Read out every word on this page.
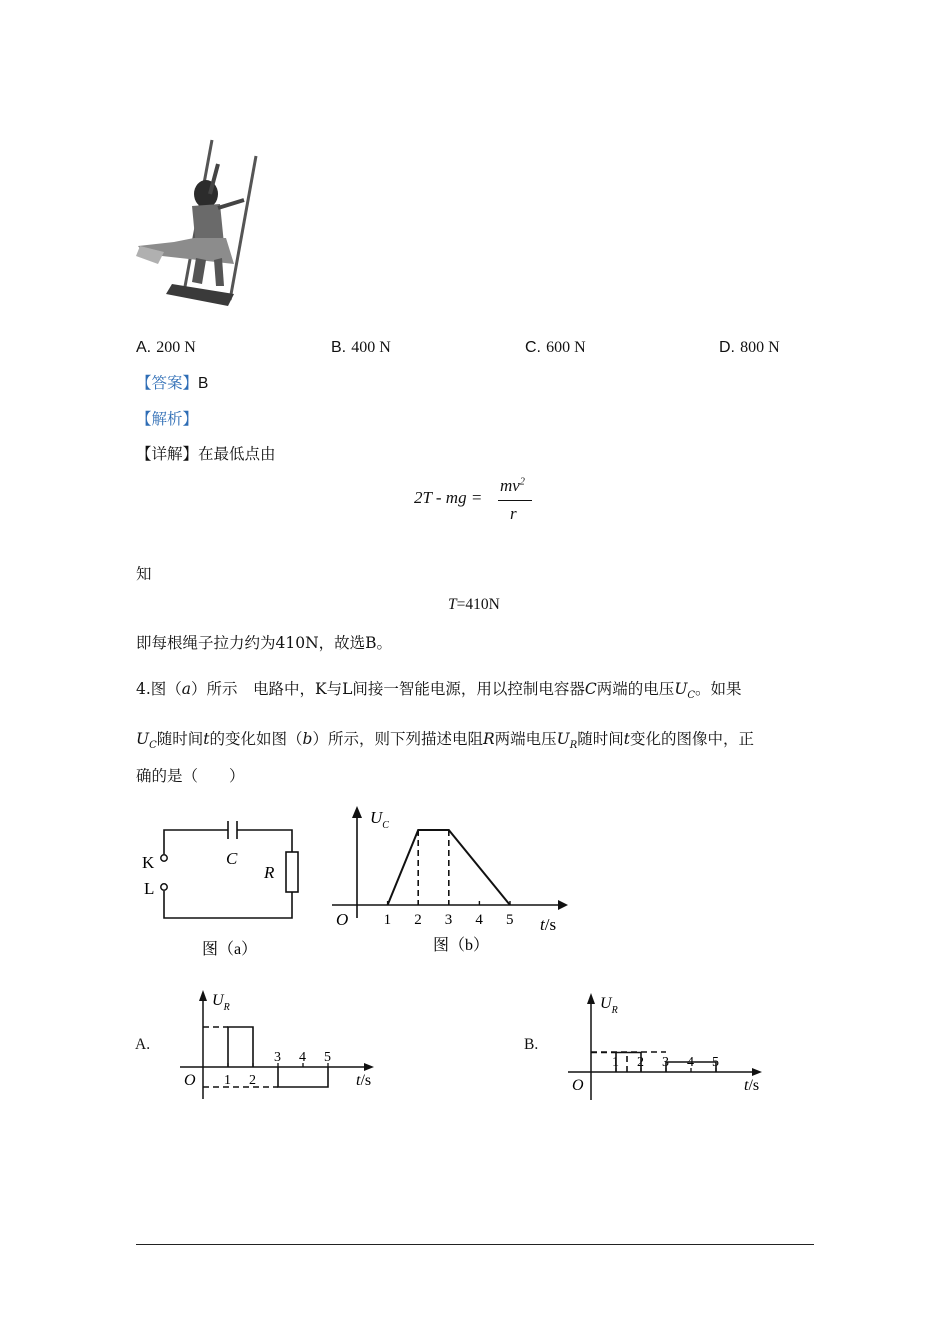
A. 200 N	B. 400 N	C. 600 N	D. 800 N
【答案】B
【解析】
【详解】在最低点由
2T - mg =
$mv^2$
r
知
T=410N
即每根绳子拉力约为410N，故选B。
4.图（a）所示　电路中，K与L间接一智能电源，用以控制电容器C两端的电压$U_C$。如果
$U_C$随时间t的变化如图（b）所示，则下列描述电阻R两端电压$U_R$随时间t变化的图像中，正
确的是（　　）
K
L
C
R
图（a）
1 2 3 4 5
$U_C$
O	t/s
图（b）
A.
1 2
3 4 5
$U_R$
O	t/s
B.
1 2 3 4 5
$U_R$
O	t/s
